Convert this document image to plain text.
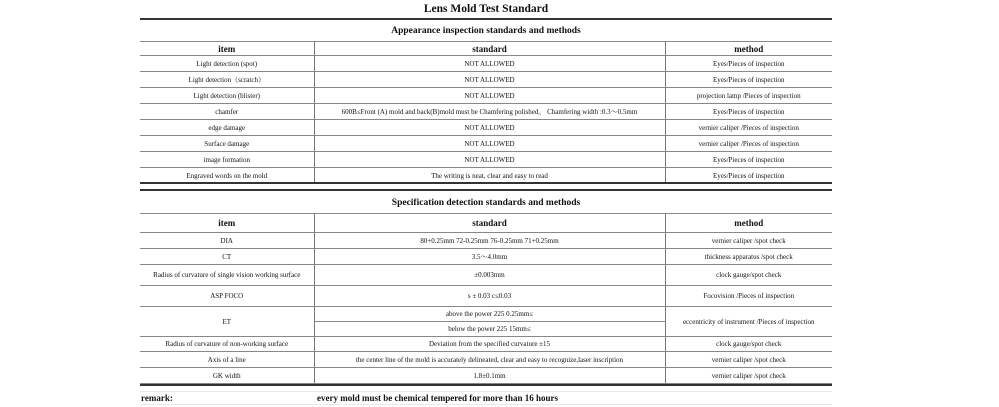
Lens Mold Test Standard
Appearance inspection standards and methods
item	standard	method
Light detection (spot)	NOT ALLOWED	Eyes/Pieces of inspection
Light detection（scratch）	NOT ALLOWED	Eyes/Pieces of inspection
Light detection (blister)	NOT ALLOWED	projection lamp /Pieces of inspection
chamfer	600B≤Front (A) mold and back(B)mold must be Chamfering polished。 Chamfering width :0.3～0.5mm	Eyes/Pieces of inspection
edge damage	NOT ALLOWED	vernier caliper /Pieces of inspection
Surface damage	NOT ALLOWED	vernier caliper /Pieces of inspection
image formation	NOT ALLOWED	Eyes/Pieces of inspection
Engraved words on the mold	The writing is neat, clear and easy to read	Eyes/Pieces of inspection
Specification detection standards and methods
item	standard	method
DIA	80+0.25mm 72-0.25mm 76-0.25mm 71+0.25mm	vernier caliper /spot check
CT	3.5～4.0mm	thickness apparatus /spot check
Radius of curvature of single vision working surface	±0.003mm	clock gauge/spot check
ASP FOCO	s ± 0.03 c≤0.03	Focovision /Pieces of inspection
ET	above the power 225 0.25mm≤	eccentricity of instrument /Pieces of inspection
	below the power 225 15mm≤	
Radius of curvature of non-working surface	Deviation from the specified curvature ±15	clock gauge/spot check
Axis of a line	the center line of the mold is accurately delineated, clear and easy to recognize,laser inscription	vernier caliper /spot check
GK width	1.8±0.1mm	vernier caliper /spot check
remark:	every mold must be chemical tempered for more than 16 hours
